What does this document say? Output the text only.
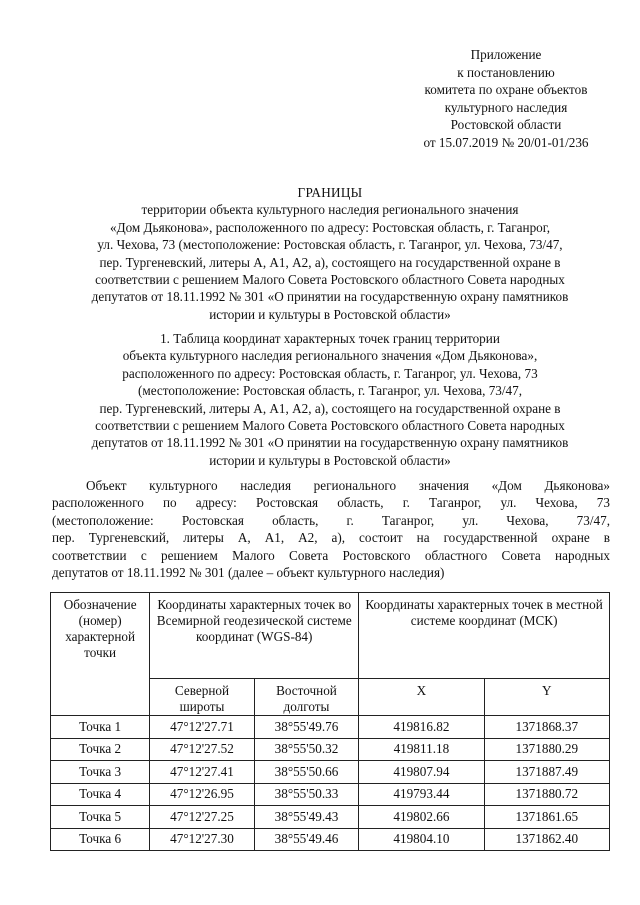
Приложение
к постановлению
комитета по охране объектов
культурного наследия
Ростовской области
от 15.07.2019 № 20/01-01/236
ГРАНИЦЫ
территории объекта культурного наследия регионального значения
«Дом Дьяконова», расположенного по адресу: Ростовская область, г. Таганрог,
ул. Чехова, 73 (местоположение: Ростовская область, г. Таганрог, ул. Чехова, 73/47,
пер. Тургеневский, литеры А, А1, А2, а), состоящего на государственной охране в
соответствии с решением Малого Совета Ростовского областного Совета народных
депутатов от 18.11.1992 № 301 «О принятии на государственную охрану памятников
истории и культуры в Ростовской области»
1. Таблица координат характерных точек границ территории
объекта культурного наследия регионального значения «Дом Дьяконова»,
расположенного по адресу: Ростовская область, г. Таганрог, ул. Чехова, 73
(местоположение: Ростовская область, г. Таганрог, ул. Чехова, 73/47,
пер. Тургеневский, литеры А, А1, А2, а), состоящего на государственной охране в
соответствии с решением Малого Совета Ростовского областного Совета народных
депутатов от 18.11.1992 № 301 «О принятии на государственную охрану памятников
истории и культуры в Ростовской области»
Объект культурного наследия регионального значения «Дом Дьяконова»
расположенного по адресу: Ростовская область, г. Таганрог, ул. Чехова, 73
(местоположение: Ростовская область, г. Таганрог, ул. Чехова, 73/47,
пер. Тургеневский, литеры А, А1, А2, а), состоит на государственной охране в
соответствии с решением Малого Совета Ростовского областного Совета народных
депутатов от 18.11.1992 № 301 (далее – объект культурного наследия)
Обозначение (номер) характерной точки	Координаты характерных точек во Всемирной геодезической системе координат (WGS-84)		Координаты характерных точек в местной системе координат (МСК)	
	Северной широты	Восточной долготы	X	Y
Точка 1	47°12'27.71	38°55'49.76	419816.82	1371868.37
Точка 2	47°12'27.52	38°55'50.32	419811.18	1371880.29
Точка 3	47°12'27.41	38°55'50.66	419807.94	1371887.49
Точка 4	47°12'26.95	38°55'50.33	419793.44	1371880.72
Точка 5	47°12'27.25	38°55'49.43	419802.66	1371861.65
Точка 6	47°12'27.30	38°55'49.46	419804.10	1371862.40
